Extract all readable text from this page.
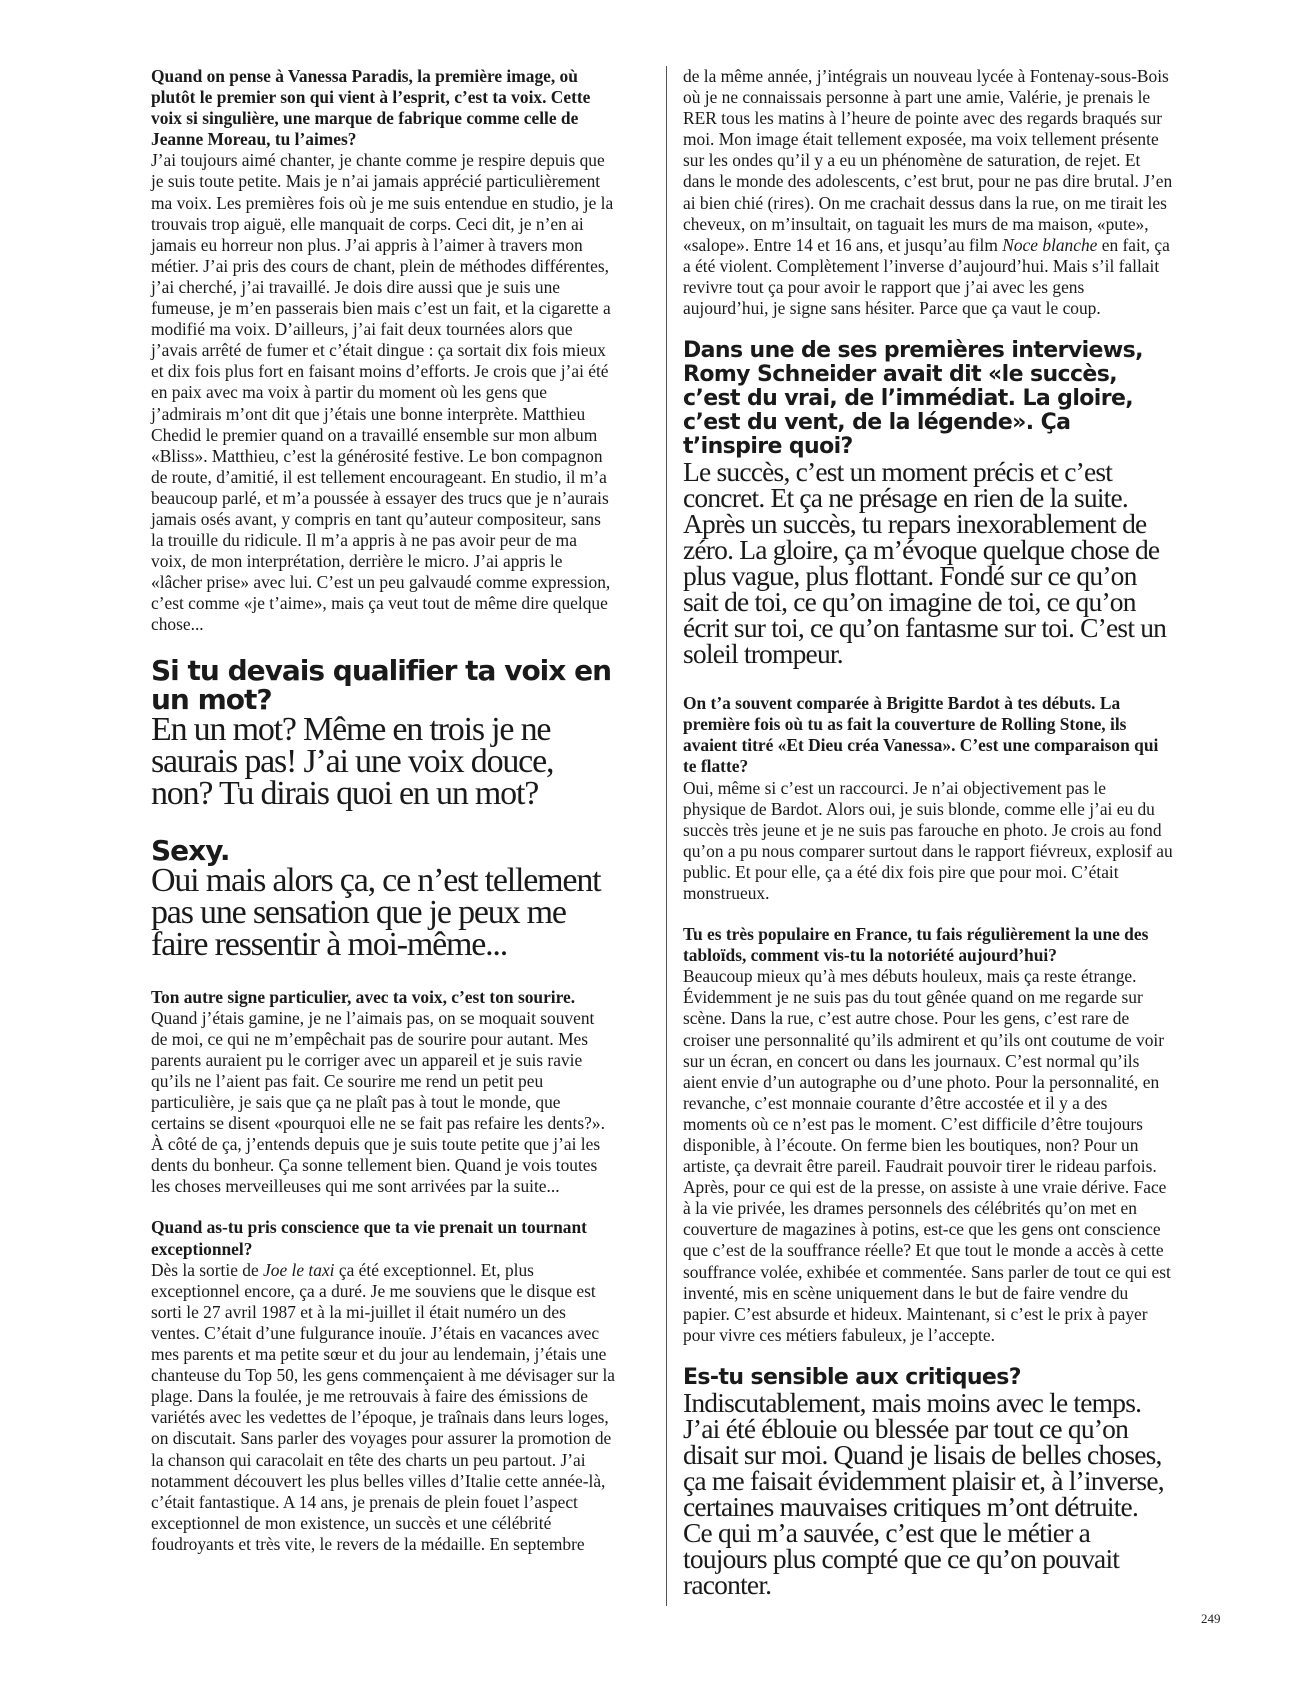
Quand on pense à Vanessa Paradis, la première image, où plutôt le premier son qui vient à l’esprit, c’est ta voix. Cette voix si singulière, une marque de fabrique comme celle de Jeanne Moreau, tu l’aimes?

J’ai toujours aimé chanter, je chante comme je respire depuis que je suis toute petite. Mais je n’ai jamais apprécié particulièrement ma voix. Les premières fois où je me suis entendue en studio, je la trouvais trop aiguë, elle manquait de corps. Ceci dit, je n’en ai jamais eu horreur non plus. J’ai appris à l’aimer à travers mon métier. J’ai pris des cours de chant, plein de méthodes différentes, j’ai cherché, j’ai travaillé. Je dois dire aussi que je suis une fumeuse, je m’en passerais bien mais c’est un fait, et la cigarette a modifié ma voix. D’ailleurs, j’ai fait deux tournées alors que j’avais arrêté de fumer et c’était dingue : ça sortait dix fois mieux et dix fois plus fort en faisant moins d’efforts. Je crois que j’ai été en paix avec ma voix à partir du moment où les gens que j’admirais m’ont dit que j’étais une bonne interprète. Matthieu Chedid le premier quand on a travaillé ensemble sur mon album «Bliss». Matthieu, c’est la générosité festive. Le bon compagnon de route, d’amitié, il est tellement encourageant. En studio, il m’a beaucoup parlé, et m’a poussée à essayer des trucs que je n’aurais jamais osés avant, y compris en tant qu’auteur compositeur, sans la trouille du ridicule. Il m’a appris à ne pas avoir peur de ma voix, de mon interprétation, derrière le micro. J’ai appris le «lâcher prise» avec lui. C’est un peu galvaudé comme expression, c’est comme «je t’aime», mais ça veut tout de même dire quelque chose...

Si tu devais qualifier ta voix en un mot?

En un mot? Même en trois je ne saurais pas! J’ai une voix douce, non? Tu dirais quoi en un mot?

Sexy.

Oui mais alors ça, ce n’est tellement pas une sensation que je peux me faire ressentir à moi-même...

Ton autre signe particulier, avec ta voix, c’est ton sourire.

Quand j’étais gamine, je ne l’aimais pas, on se moquait souvent de moi, ce qui ne m’empêchait pas de sourire pour autant. Mes parents auraient pu le corriger avec un appareil et je suis ravie qu’ils ne l’aient pas fait. Ce sourire me rend un petit peu particulière, je sais que ça ne plaît pas à tout le monde, que certains se disent «pourquoi elle ne se fait pas refaire les dents?». À côté de ça, j’entends depuis que je suis toute petite que j’ai les dents du bonheur. Ça sonne tellement bien. Quand je vois toutes les choses merveilleuses qui me sont arrivées par la suite...

Quand as-tu pris conscience que ta vie prenait un tournant exceptionnel?

Dès la sortie de Joe le taxi ça été exceptionnel. Et, plus exceptionnel encore, ça a duré. Je me souviens que le disque est sorti le 27 avril 1987 et à la mi-juillet il était numéro un des ventes. C’était d’une fulgurance inouïe. J’étais en vacances avec mes parents et ma petite sœur et du jour au lendemain, j’étais une chanteuse du Top 50, les gens commençaient à me dévisager sur la plage. Dans la foulée, je me retrouvais à faire des émissions de variétés avec les vedettes de l’époque, je traînais dans leurs loges, on discutait. Sans parler des voyages pour assurer la promotion de la chanson qui caracolait en tête des charts un peu partout. J’ai notamment découvert les plus belles villes d’Italie cette année-là, c’était fantastique. A 14 ans, je prenais de plein fouet l’aspect exceptionnel de mon existence, un succès et une célébrité foudroyants et très vite, le revers de la médaille. En septembre

de la même année, j’intégrais un nouveau lycée à Fontenay-sous-Bois où je ne connaissais personne à part une amie, Valérie, je prenais le RER tous les matins à l’heure de pointe avec des regards braqués sur moi. Mon image était tellement exposée, ma voix tellement présente sur les ondes qu’il y a eu un phénomène de saturation, de rejet. Et dans le monde des adolescents, c’est brut, pour ne pas dire brutal. J’en ai bien chié (rires). On me crachait dessus dans la rue, on me tirait les cheveux, on m’insultait, on taguait les murs de ma maison, «pute», «salope». Entre 14 et 16 ans, et jusqu’au film Noce blanche en fait, ça a été violent. Complètement l’inverse d’aujourd’hui. Mais s’il fallait revivre tout ça pour avoir le rapport que j’ai avec les gens aujourd’hui, je signe sans hésiter. Parce que ça vaut le coup.

Dans une de ses premières interviews, Romy Schneider avait dit «le succès, c’est du vrai, de l’immédiat. La gloire, c’est du vent, de la légende». Ça t’inspire quoi?

Le succès, c’est un moment précis et c’est concret. Et ça ne présage en rien de la suite. Après un succès, tu repars inexorablement de zéro. La gloire, ça m’évoque quelque chose de plus vague, plus flottant. Fondé sur ce qu’on sait de toi, ce qu’on imagine de toi, ce qu’on écrit sur toi, ce qu’on fantasme sur toi. C’est un soleil trompeur.

On t’a souvent comparée à Brigitte Bardot à tes débuts. La première fois où tu as fait la couverture de Rolling Stone, ils avaient titré «Et Dieu créa Vanessa». C’est une comparaison qui te flatte?

Oui, même si c’est un raccourci. Je n’ai objectivement pas le physique de Bardot. Alors oui, je suis blonde, comme elle j’ai eu du succès très jeune et je ne suis pas farouche en photo. Je crois au fond qu’on a pu nous comparer surtout dans le rapport fiévreux, explosif au public. Et pour elle, ça a été dix fois pire que pour moi. C’était monstrueux.

Tu es très populaire en France, tu fais régulièrement la une des tabloïds, comment vis-tu la notoriété aujourd’hui?

Beaucoup mieux qu’à mes débuts houleux, mais ça reste étrange. Évidemment je ne suis pas du tout gênée quand on me regarde sur scène. Dans la rue, c’est autre chose. Pour les gens, c’est rare de croiser une personnalité qu’ils admirent et qu’ils ont coutume de voir sur un écran, en concert ou dans les journaux. C’est normal qu’ils aient envie d’un autographe ou d’une photo. Pour la personnalité, en revanche, c’est monnaie courante d’être accostée et il y a des moments où ce n’est pas le moment. C’est difficile d’être toujours disponible, à l’écoute. On ferme bien les boutiques, non? Pour un artiste, ça devrait être pareil. Faudrait pouvoir tirer le rideau parfois. Après, pour ce qui est de la presse, on assiste à une vraie dérive. Face à la vie privée, les drames personnels des célébrités qu’on met en couverture de magazines à potins, est-ce que les gens ont conscience que c’est de la souffrance réelle? Et que tout le monde a accès à cette souffrance volée, exhibée et commentée. Sans parler de tout ce qui est inventé, mis en scène uniquement dans le but de faire vendre du papier. C’est absurde et hideux. Maintenant, si c’est le prix à payer pour vivre ces métiers fabuleux, je l’accepte.

Es-tu sensible aux critiques?

Indiscutablement, mais moins avec le temps. J’ai été éblouie ou blessée par tout ce qu’on disait sur moi. Quand je lisais de belles choses, ça me faisait évidemment plaisir et, à l’inverse, certaines mauvaises critiques m’ont détruite. Ce qui m’a sauvée, c’est que le métier a toujours plus compté que ce qu’on pouvait raconter.

249
